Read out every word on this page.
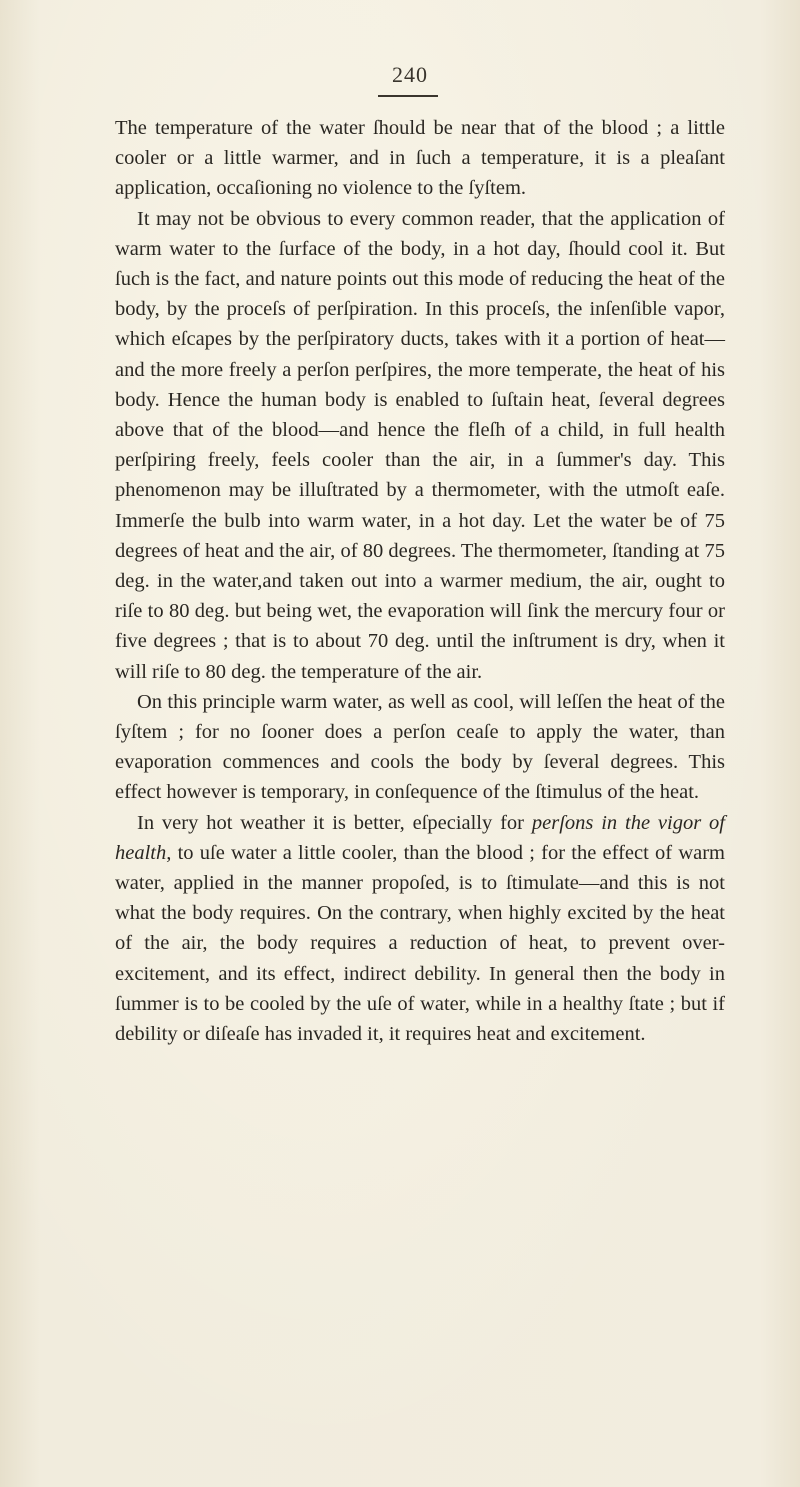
240

The temperature of the water ſhould be near that of the blood ; a little cooler or a little warmer, and in ſuch a temperature, it is a pleaſant application, occaſioning no violence to the ſyſtem.

It may not be obvious to every common reader, that the application of warm water to the ſurface of the body, in a hot day, ſhould cool it. But ſuch is the fact, and nature points out this mode of reducing the heat of the body, by the proceſs of perſpiration. In this proceſs, the inſenſible vapor, which eſcapes by the perſpiratory ducts, takes with it a portion of heat—and the more freely a perſon perſpires, the more temperate, the heat of his body. Hence the human body is enabled to ſuſtain heat, ſeveral degrees above that of the blood—and hence the fleſh of a child, in full health perſpiring freely, feels cooler than the air, in a ſummer's day. This phenomenon may be illuſtrated by a thermometer, with the utmoſt eaſe. Immerſe the bulb into warm water, in a hot day. Let the water be of 75 degrees of heat and the air, of 80 degrees. The thermometer, ſtanding at 75 deg. in the water,and taken out into a warmer medium, the air, ought to riſe to 80 deg. but being wet, the evaporation will ſink the mercury four or five degrees ; that is to about 70 deg. until the inſtrument is dry, when it will riſe to 80 deg. the temperature of the air.

On this principle warm water, as well as cool, will leſſen the heat of the ſyſtem ; for no ſooner does a perſon ceaſe to apply the water, than evaporation commences and cools the body by ſeveral degrees. This effect however is temporary, in conſequence of the ſtimulus of the heat.

In very hot weather it is better, eſpecially for perſons in the vigor of health, to uſe water a little cooler, than the blood ; for the effect of warm water, applied in the manner propoſed, is to ſtimulate—and this is not what the body requires. On the contrary, when highly excited by the heat of the air, the body requires a reduction of heat, to prevent over-excitement, and its effect, indirect debility. In general then the body in ſummer is to be cooled by the uſe of water, while in a healthy ſtate ; but if debility or diſeaſe has invaded it, it requires heat and excitement.
